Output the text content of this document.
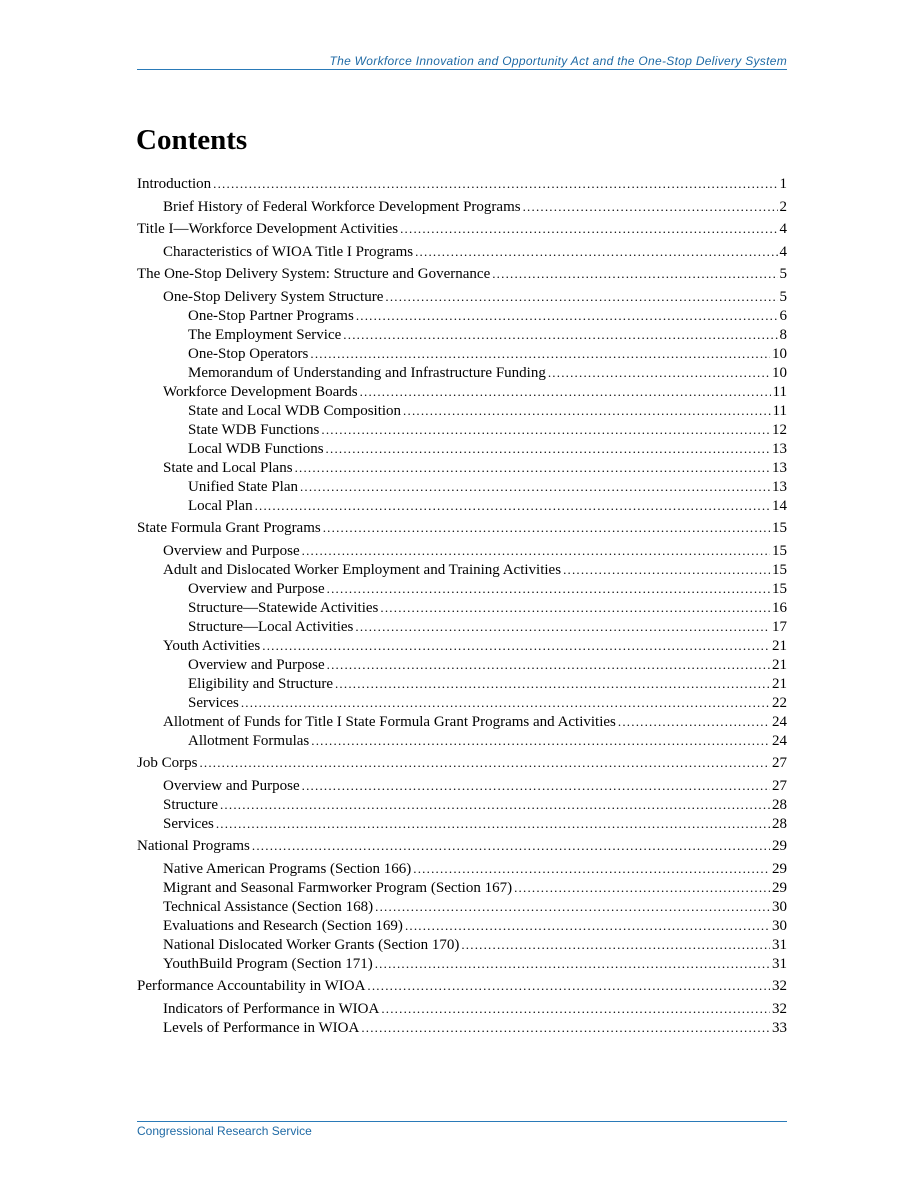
The Workforce Innovation and Opportunity Act and the One-Stop Delivery System
Contents
Introduction .....	1
Brief History of Federal Workforce Development Programs .....	2
Title I—Workforce Development Activities .....	4
Characteristics of WIOA Title I Programs .....	4
The One-Stop Delivery System: Structure and Governance .....	5
One-Stop Delivery System Structure .....	5
One-Stop Partner Programs .....	6
The Employment Service .....	8
One-Stop Operators .....	10
Memorandum of Understanding and Infrastructure Funding .....	10
Workforce Development Boards .....	11
State and Local WDB Composition .....	11
State WDB Functions .....	12
Local WDB Functions .....	13
State and Local Plans .....	13
Unified State Plan .....	13
Local Plan .....	14
State Formula Grant Programs .....	15
Overview and Purpose .....	15
Adult and Dislocated Worker Employment and Training Activities .....	15
Overview and Purpose .....	15
Structure—Statewide Activities .....	16
Structure—Local Activities .....	17
Youth Activities .....	21
Overview and Purpose .....	21
Eligibility and Structure .....	21
Services .....	22
Allotment of Funds for Title I State Formula Grant Programs and Activities .....	24
Allotment Formulas .....	24
Job Corps .....	27
Overview and Purpose .....	27
Structure .....	28
Services .....	28
National Programs .....	29
Native American Programs (Section 166) .....	29
Migrant and Seasonal Farmworker Program (Section 167) .....	29
Technical Assistance (Section 168) .....	30
Evaluations and Research (Section 169) .....	30
National Dislocated Worker Grants (Section 170) .....	31
YouthBuild Program (Section 171) .....	31
Performance Accountability in WIOA .....	32
Indicators of Performance in WIOA .....	32
Levels of Performance in WIOA .....	33
Congressional Research Service
